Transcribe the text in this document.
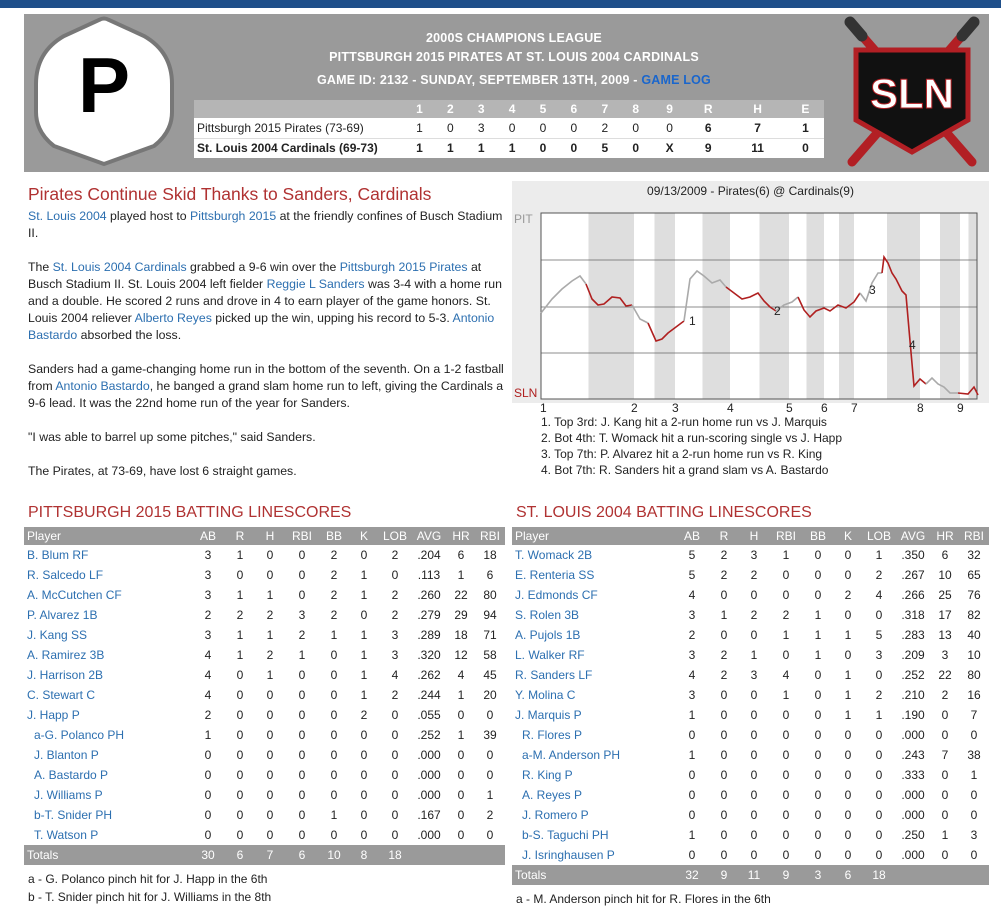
P
2000S CHAMPIONS LEAGUE
PITTSBURGH 2015 PIRATES AT ST. LOUIS 2004 CARDINALS
GAME ID: 2132 - SUNDAY, SEPTEMBER 13TH, 2009 - GAME LOG
	1	2	3	4	5	6	7	8	9	R	H	E
Pittsburgh 2015 Pirates (73-69)	1	0	3	0	0	0	2	0	0	6	7	1
St. Louis 2004 Cardinals (69-73)	1	1	1	1	0	0	5	0	X	9	11	0
SLN
Pirates Continue Skid Thanks to Sanders, Cardinals

St. Louis 2004 played host to Pittsburgh 2015 at the friendly confines of Busch Stadium II.

The St. Louis 2004 Cardinals grabbed a 9-6 win over the Pittsburgh 2015 Pirates at Busch Stadium II. St. Louis 2004 left fielder Reggie L Sanders was 3-4 with a home run and a double. He scored 2 runs and drove in 4 to earn player of the game honors. St. Louis 2004 reliever Alberto Reyes picked up the win, upping his record to 5-3. Antonio Bastardo absorbed the loss.

Sanders had a game-changing home run in the bottom of the seventh. On a 1-2 fastball from Antonio Bastardo, he banged a grand slam home run to left, giving the Cardinals a 9-6 lead. It was the 22nd home run of the year for Sanders.

"I was able to barrel up some pitches," said Sanders.

The Pirates, at 73-69, have lost 6 straight games.

09/13/2009 - Pirates(6) @ Cardinals(9)
PIT
SLN
1	2	3	4	5 6 7	8	9
1
2
3
4
1. Top 3rd: J. Kang hit a 2-run home run vs J. Marquis
2. Bot 4th: T. Womack hit a run-scoring single vs J. Happ
3. Top 7th: P. Alvarez hit a 2-run home run vs R. King
4. Bot 7th: R. Sanders hit a grand slam vs A. Bastardo
PITTSBURGH 2015 BATTING LINESCORES
Player	AB	R	H	RBI	BB	K	LOB	AVG	HR	RBI
B. Blum RF	3	1	0	0	2	0	2	.204	6	18
R. Salcedo LF	3	0	0	0	2	1	0	.113	1	6
A. McCutchen CF	3	1	1	0	2	1	2	.260	22	80
P. Alvarez 1B	2	2	2	3	2	0	2	.279	29	94
J. Kang SS	3	1	1	2	1	1	3	.289	18	71
A. Ramirez 3B	4	1	2	1	0	1	3	.320	12	58
J. Harrison 2B	4	0	1	0	0	1	4	.262	4	45
C. Stewart C	4	0	0	0	0	1	2	.244	1	20
J. Happ P	2	0	0	0	0	2	0	.055	0	0
a-G. Polanco PH	1	0	0	0	0	0	0	.252	1	39
J. Blanton P	0	0	0	0	0	0	0	.000	0	0
A. Bastardo P	0	0	0	0	0	0	0	.000	0	0
J. Williams P	0	0	0	0	0	0	0	.000	0	1
b-T. Snider PH	0	0	0	0	1	0	0	.167	0	2
T. Watson P	0	0	0	0	0	0	0	.000	0	0
Totals	30	6	7	6	10	8	18			
a - G. Polanco pinch hit for J. Happ in the 6th
b - T. Snider pinch hit for J. Williams in the 8th
ST. LOUIS 2004 BATTING LINESCORES
Player	AB	R	H	RBI	BB	K	LOB	AVG	HR	RBI
T. Womack 2B	5	2	3	1	0	0	1	.350	6	32
E. Renteria SS	5	2	2	0	0	0	2	.267	10	65
J. Edmonds CF	4	0	0	0	0	2	4	.266	25	76
S. Rolen 3B	3	1	2	2	1	0	0	.318	17	82
A. Pujols 1B	2	0	0	1	1	1	5	.283	13	40
L. Walker RF	3	2	1	0	1	0	3	.209	3	10
R. Sanders LF	4	2	3	4	0	1	0	.252	22	80
Y. Molina C	3	0	0	1	0	1	2	.210	2	16
J. Marquis P	1	0	0	0	0	1	1	.190	0	7
R. Flores P	0	0	0	0	0	0	0	.000	0	0
a-M. Anderson PH	1	0	0	0	0	0	0	.243	7	38
R. King P	0	0	0	0	0	0	0	.333	0	1
A. Reyes P	0	0	0	0	0	0	0	.000	0	0
J. Romero P	0	0	0	0	0	0	0	.000	0	0
b-S. Taguchi PH	1	0	0	0	0	0	0	.250	1	3
J. Isringhausen P	0	0	0	0	0	0	0	.000	0	0
Totals	32	9	11	9	3	6	18			
a - M. Anderson pinch hit for R. Flores in the 6th
